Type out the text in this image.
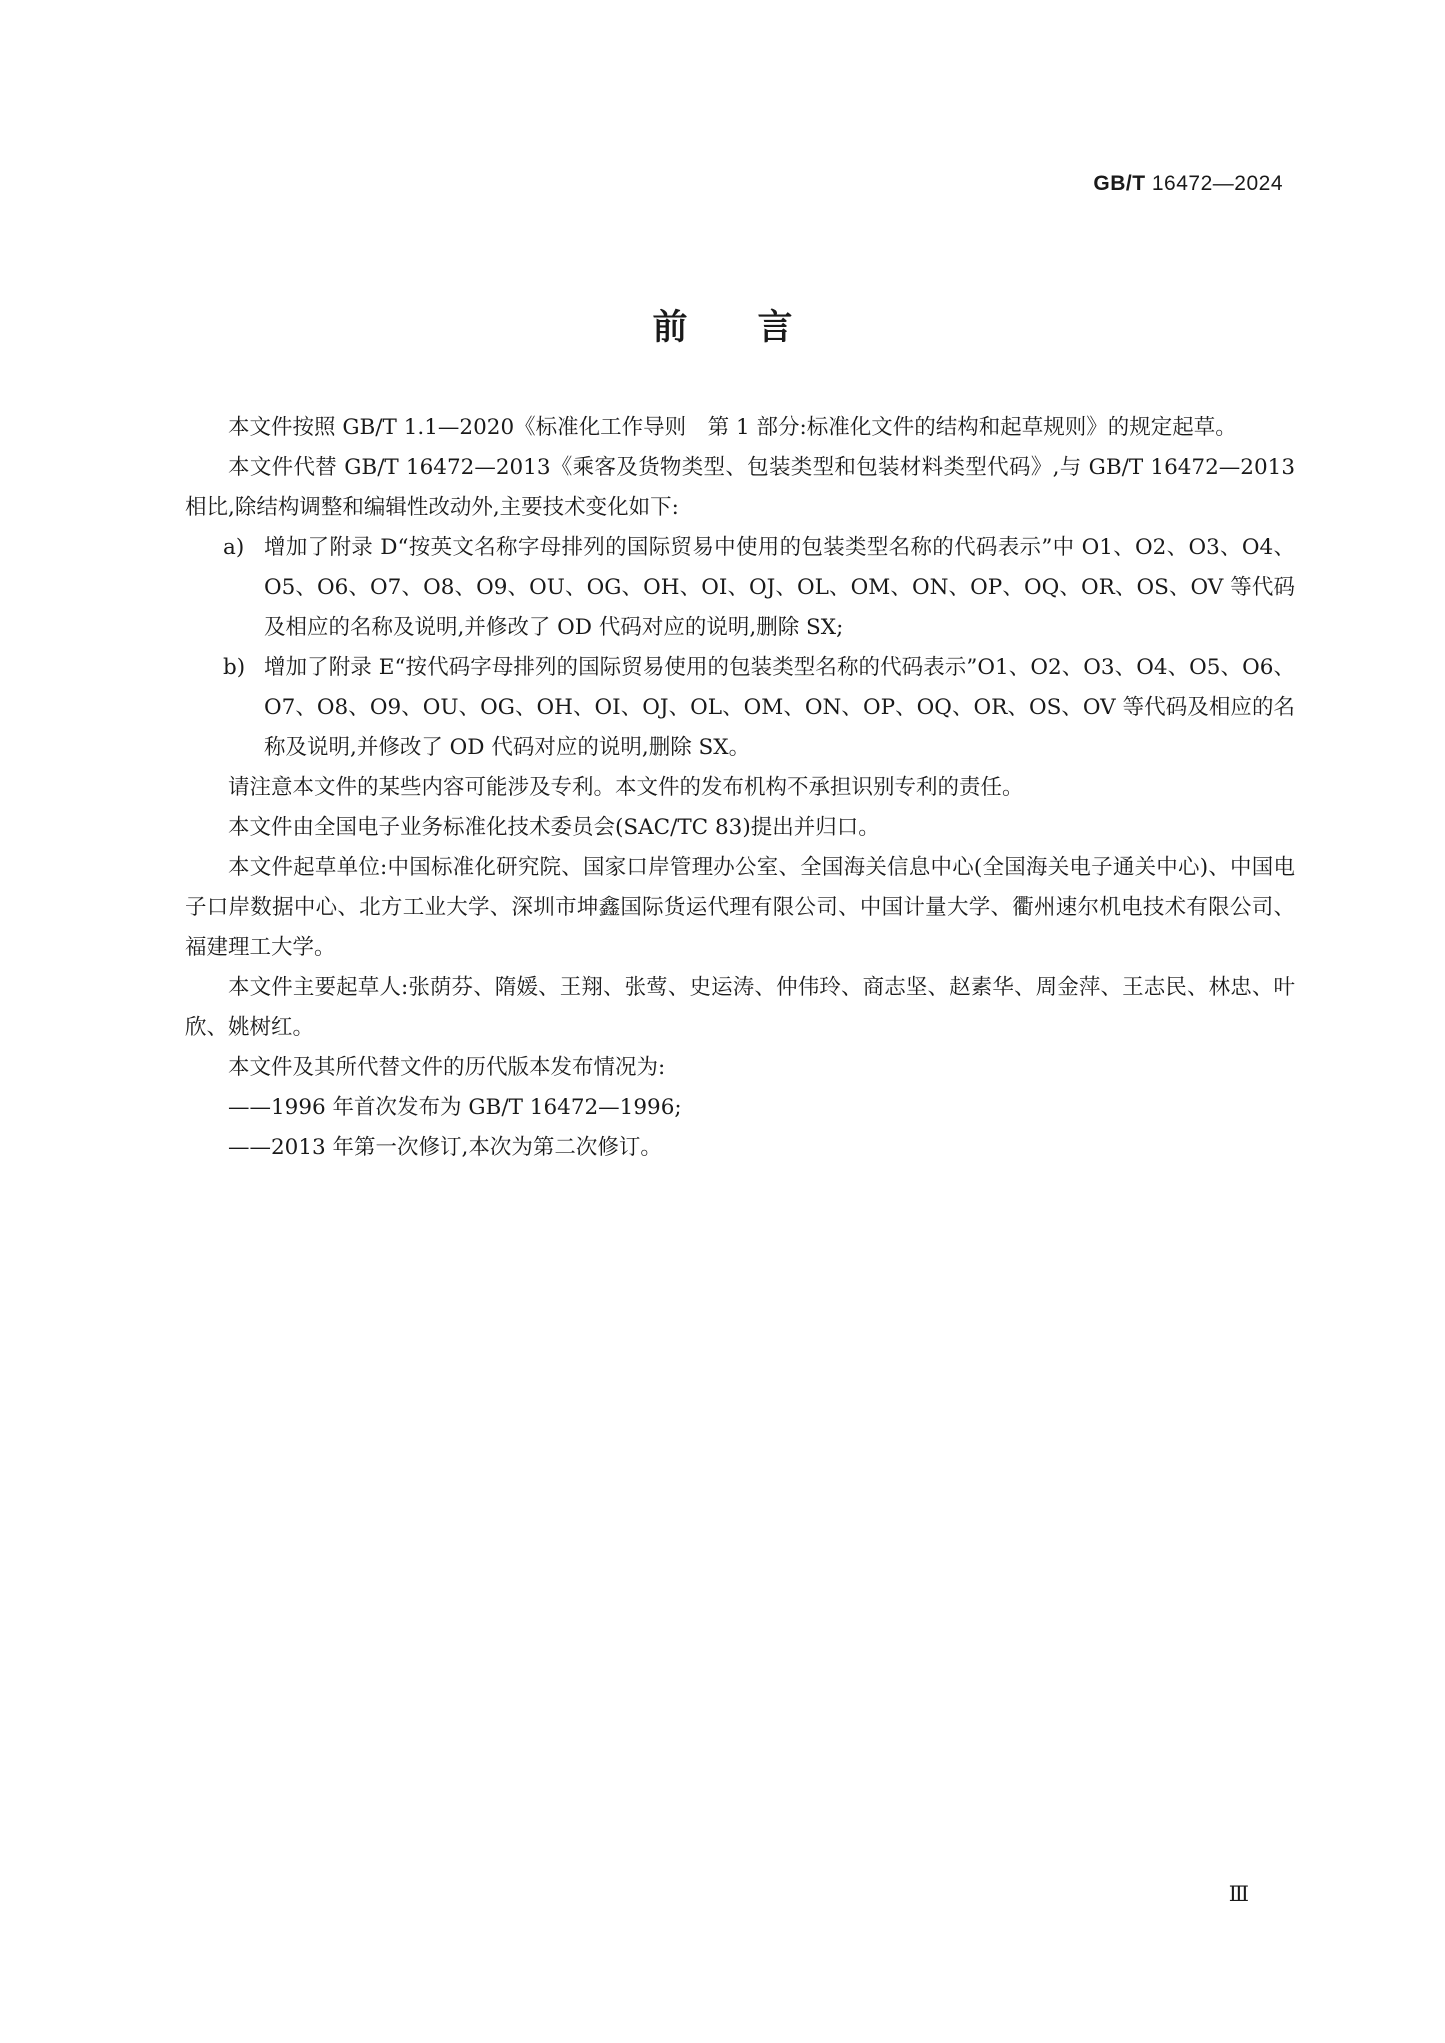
GB/T 16472—2024
前言

本文件按照 GB/T 1.1—2020《标准化工作导则　第 1 部分:标准化文件的结构和起草规则》的规定起草。

本文件代替 GB/T 16472—2013《乘客及货物类型、包装类型和包装材料类型代码》,与 GB/T 16472—2013 相比,除结构调整和编辑性改动外,主要技术变化如下:

a) 增加了附录 D“按英文名称字母排列的国际贸易中使用的包装类型名称的代码表示”中 O1、O2、O3、O4、O5、O6、O7、O8、O9、OU、OG、OH、OI、OJ、OL、OM、ON、OP、OQ、OR、OS、OV 等代码及相应的名称及说明,并修改了 OD 代码对应的说明,删除 SX;
b) 增加了附录 E“按代码字母排列的国际贸易使用的包装类型名称的代码表示”O1、O2、O3、O4、O5、O6、O7、O8、O9、OU、OG、OH、OI、OJ、OL、OM、ON、OP、OQ、OR、OS、OV 等代码及相应的名称及说明,并修改了 OD 代码对应的说明,删除 SX。

请注意本文件的某些内容可能涉及专利。本文件的发布机构不承担识别专利的责任。

本文件由全国电子业务标准化技术委员会(SAC/TC 83)提出并归口。

本文件起草单位:中国标准化研究院、国家口岸管理办公室、全国海关信息中心(全国海关电子通关中心)、中国电子口岸数据中心、北方工业大学、深圳市坤鑫国际货运代理有限公司、中国计量大学、衢州速尔机电技术有限公司、福建理工大学。

本文件主要起草人:张荫芬、隋媛、王翔、张莺、史运涛、仲伟玲、商志坚、赵素华、周金萍、王志民、林忠、叶欣、姚树红。

本文件及其所代替文件的历代版本发布情况为:

——1996 年首次发布为 GB/T 16472—1996;

——2013 年第一次修订,本次为第二次修订。

Ⅲ
